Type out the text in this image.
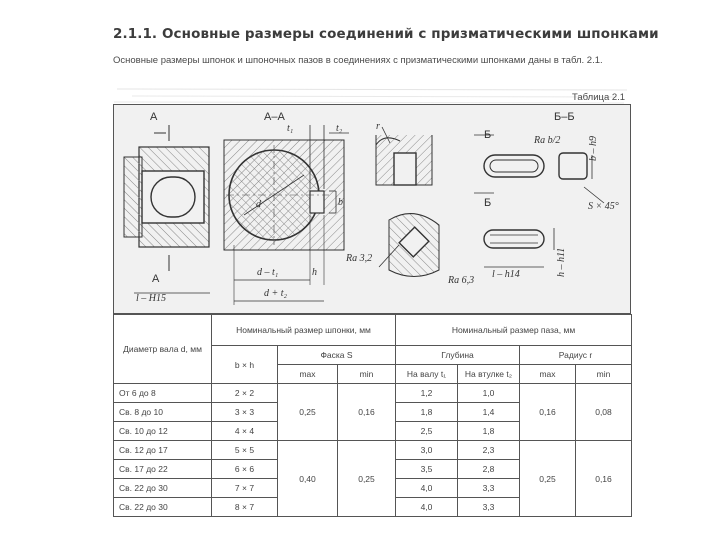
2.1.1. Основные размеры соединений с призматическими шпонками
Основные размеры шпонок и шпоночных пазов в соединениях с призматическими шпонками даны в табл. 2.1.
Таблица 2.1
А	А–А	Б–Б
Б
Б
А
t₁	t₂	r
d	b
h
d – t₁
d + t₂
Ra b/2	b – h9
S × 45°
l – H15
Ra 3,2
Ra 6,3
l – h14	h – h11
Диаметр вала d, мм	Номинальный размер шпонки, мм			Номинальный размер паза, мм			
	b × h	Фаска S		Глубина		Радиус r	
		max	min	На валу t₁	На втулке t₂	max	min
От 6 до 8	2 × 2	0,25	0,16	1,2	1,0	0,16	0,08
Св. 8 до 10	3 × 3			1,8	1,4		
Св. 10 до 12	4 × 4			2,5	1,8		
Св. 12 до 17	5 × 5	0,40	0,25	3,0	2,3	0,25	0,16
Св. 17 до 22	6 × 6			3,5	2,8		
Св. 22 до 30	7 × 7			4,0	3,3		
Св. 22 до 30	8 × 7			4,0	3,3		
